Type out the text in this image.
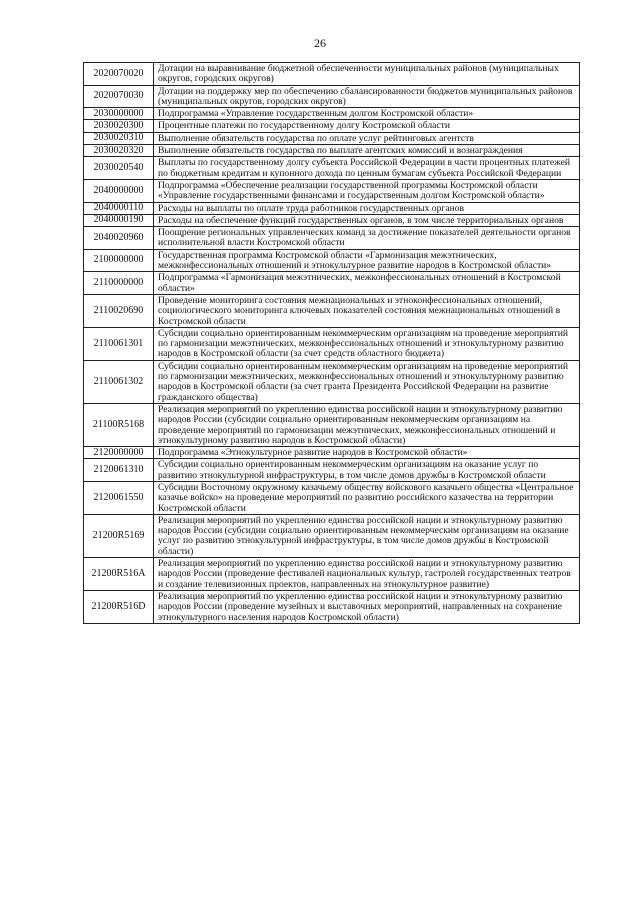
26
2020070020	Дотации на выравнивание бюджетной обеспеченности муниципальных районов (муниципальных округов, городских округов)
2020070030	Дотации на поддержку мер по обеспечению сбалансированности бюджетов муниципальных районов (муниципальных округов, городских округов)
2030000000	Подпрограмма «Управление государственным долгом Костромской области»
2030020300	Процентные платежи по государственному долгу Костромской области
2030020310	Выполнение обязательств государства по оплате услуг рейтинговых агентств
2030020320	Выполнение обязательств государства по выплате агентских комиссий и вознаграждения
2030020540	Выплаты по государственному долгу субъекта Российской Федерации в части процентных платежей по бюджетным кредитам и купонного дохода по ценным бумагам субъекта Российской Федерации
2040000000	Подпрограмма «Обеспечение реализации государственной программы Костромской области «Управление государственными финансами и государственным долгом Костромской области»
2040000110	Расходы на выплаты по оплате труда работников государственных органов
2040000190	Расходы на обеспечение функций государственных органов, в том числе территориальных органов
2040020960	Поощрение региональных управленческих команд за достижение показателей деятельности органов исполнительной власти Костромской области
2100000000	Государственная программа Костромской области «Гармонизация межэтнических, межконфессиональных отношений и этнокультурное развитие народов в Костромской области»
2110000000	Подпрограмма «Гармонизация межэтнических, межконфессиональных отношений в Костромской области»
2110020690	Проведение мониторинга состояния межнациональных и этноконфессиональных отношений, социологического мониторинга ключевых показателей состояния межнациональных отношений в Костромской области
2110061301	Субсидии социально ориентированным некоммерческим организациям на проведение мероприятий по гармонизации межэтнических, межконфессиональных отношений и этнокультурному развитию народов в Костромской области (за счет средств областного бюджета)
2110061302	Субсидии социально ориентированным некоммерческим организациям на проведение мероприятий по гармонизации межэтнических, межконфессиональных отношений и этнокультурному развитию народов в Костромской области (за счет гранта Президента Российской Федерации на развитие гражданского общества)
21100R5168	Реализация мероприятий по укреплению единства российской нации и этнокультурному развитию народов России (субсидии социально ориентированным некоммерческим организациям на проведение мероприятий по гармонизации межэтнических, межконфессиональных отношений и этнокультурному развитию народов в Костромской области)
2120000000	Подпрограмма «Этнокультурное развитие народов в Костромской области»
2120061310	Субсидии социально ориентированным некоммерческим организациям на оказание услуг по развитию этнокультурной инфраструктуры, в том числе домов дружбы в Костромской области
2120061550	Субсидии Восточному окружному казачьему обществу войскового казачьего общества «Центральное казачье войско» на проведение мероприятий по развитию российского казачества на территории Костромской области
21200R5169	Реализация мероприятий по укреплению единства российской нации и этнокультурному развитию народов России (субсидии социально ориентированным некоммерческим организациям на оказание услуг по развитию этнокультурной инфраструктуры, в том числе домов дружбы в Костромской области)
21200R516A	Реализация мероприятий по укреплению единства российской нации и этнокультурному развитию народов России (проведение фестивалей национальных культур, гастролей государственных театров и создание телевизионных проектов, направленных на этнокультурное развитие)
21200R516D	Реализация мероприятий по укреплению единства российской нации и этнокультурному развитию народов России (проведение музейных и выставочных мероприятий, направленных на сохранение этнокультурного населения народов Костромской области)
